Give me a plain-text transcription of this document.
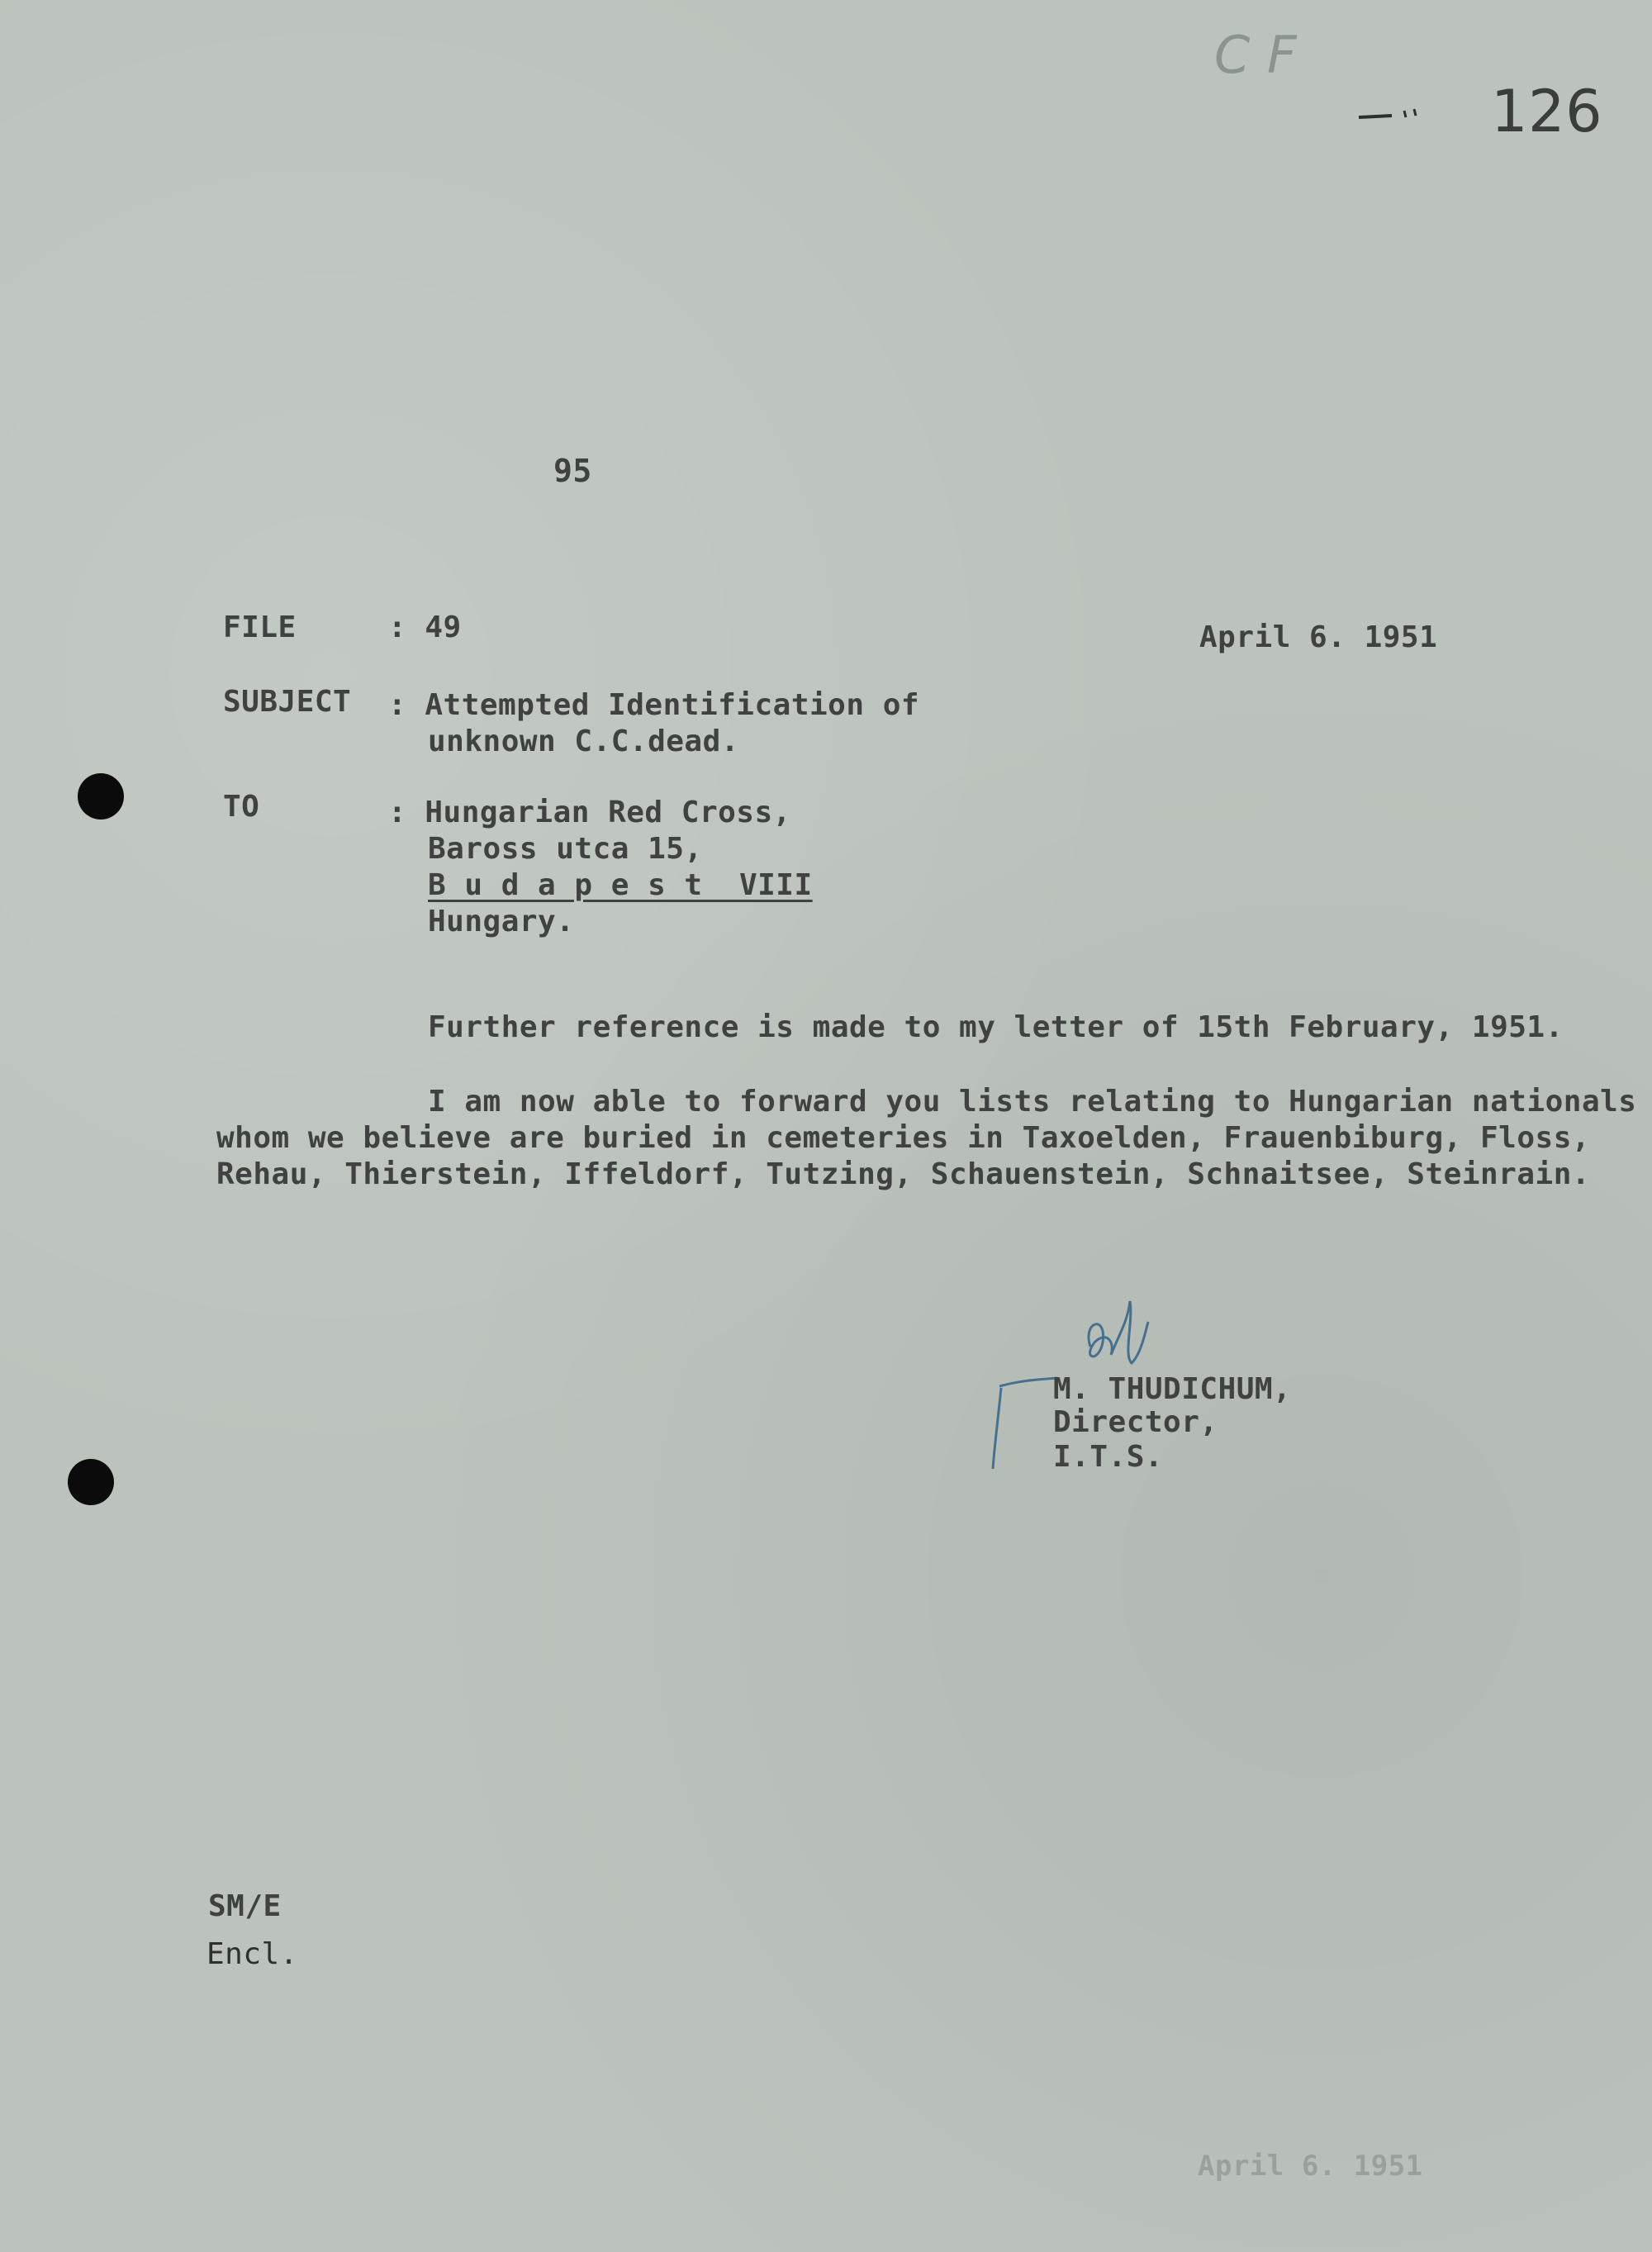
C F
126
95
FILE	: 49	April 6. 1951
SUBJECT : Attempted Identification of
unknown C.C.dead.
TO	: Hungarian Red Cross,
Baross utca 15,
B u d a p e s t  VIII
Hungary.
Further reference is made to my letter of 15th February, 1951.
I am now able to forward you lists relating to Hungarian nationals
whom we believe are buried in cemeteries in Taxoelden, Frauenbiburg, Floss,
Rehau, Thierstein, Iffeldorf, Tutzing, Schauenstein, Schnaitsee, Steinrain.
M. THUDICHUM,
Director,
I.T.S.
SM/E
Encl.
April 6. 1951
